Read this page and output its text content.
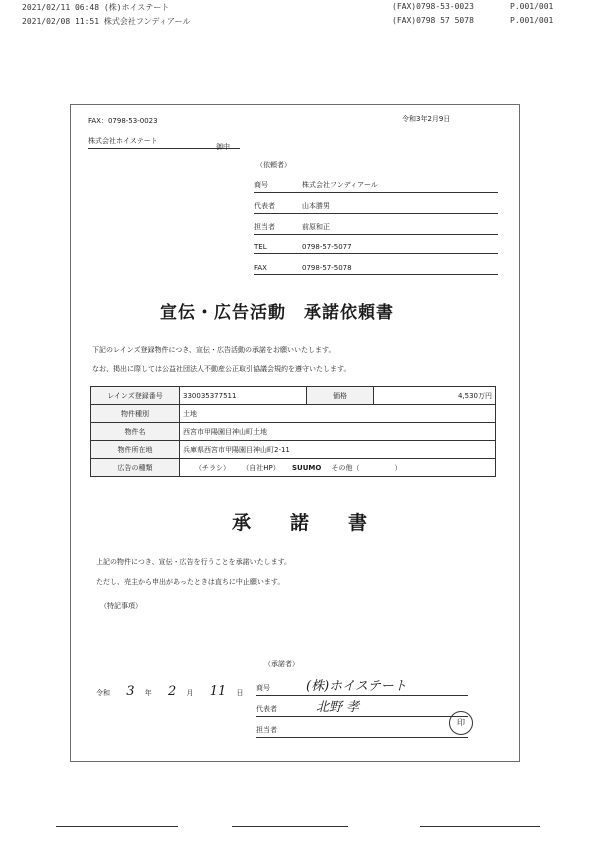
2021/02/11 06:48 (株)ホイステート	(FAX)0798-53-0023	P.001/001
2021/02/08 11:51 株式会社フンディアール	(FAX)0798 57 5078	P.001/001
FAX：0798-53-0023	令和3年2月9日
株式会社ホイステート
御中
（依頼者）
商号	株式会社フンディアール
代表者	山本勝男
担当者	前原和正
TEL	0798-57-5077
FAX	0798-57-5078
宣伝・広告活動　承諾依頼書
下記のレインズ登録物件につき、宣伝・広告活動の承諾をお願いいたします。
なお、掲出に際しては公益社団法人不動産公正取引協議会規約を遵守いたします。
レインズ登録番号	330035377511	価格	4,530万円
物件種別	土地		
物件名	西宮市甲陽園目神山町土地		
物件所在地	兵庫県西宮市甲陽園目神山町2-11		
広告の種類	（チラシ） （自社HP） SUUMO その他（　　　　　）		
承　諾　書
上記の物件につき、宣伝・広告を行うことを承諾いたします。
ただし、売主から申出があったときは直ちに中止願います。
（特記事項）
（承諾者）
令和 3 年 2 月 11 日
商号	(株)ホイステート
代表者	北野 孝
担当者
印
